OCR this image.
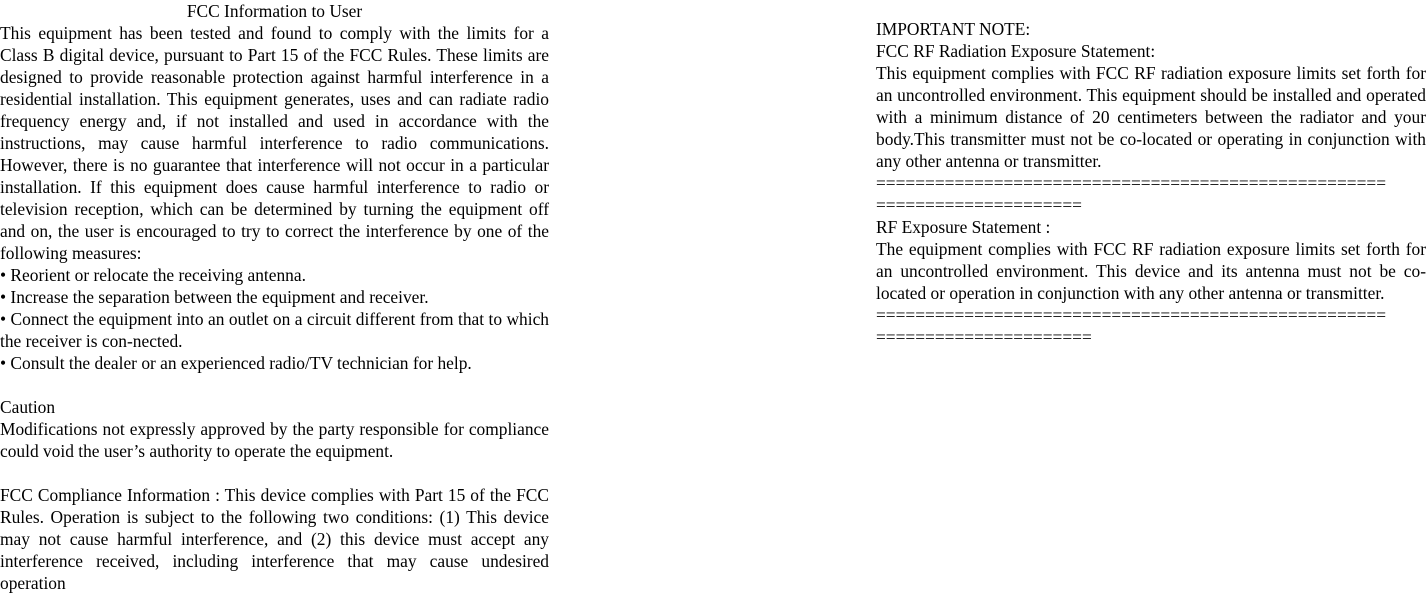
FCC Information to User

This equipment has been tested and found to comply with the limits for a Class B digital device, pursuant to Part 15 of the FCC Rules. These limits are designed to provide reasonable protection against harmful interference in a residential installation. This equipment generates, uses and can radiate radio frequency energy and, if not installed and used in accordance with the instructions, may cause harmful interference to radio communications. However, there is no guarantee that interference will not occur in a particular installation. If this equipment does cause harmful interference to radio or television reception, which can be determined by turning the equipment off and on, the user is encouraged to try to correct the interference by one of the following measures:

• Reorient or relocate the receiving antenna.

• Increase the separation between the equipment and receiver.

• Connect the equipment into an outlet on a circuit different from that to which the receiver is con-nected.

• Consult the dealer or an experienced radio/TV technician for help.

Caution

Modifications not expressly approved by the party responsible for compliance could void the user’s authority to operate the equipment.

FCC Compliance Information : This device complies with Part 15 of the FCC Rules. Operation is subject to the following two conditions: (1) This device may not cause harmful interference, and (2) this device must accept any interference received, including interference that may cause undesired operation

IMPORTANT NOTE:

FCC RF Radiation Exposure Statement:

This equipment complies with FCC RF radiation exposure limits set forth for an uncontrolled environment. This equipment should be installed and operated with a minimum distance of 20 centimeters between the radiator and your body.This transmitter must not be co-located or operating in conjunction with any other antenna or transmitter.

====================================================

=====================

RF Exposure Statement :

The equipment complies with FCC RF radiation exposure limits set forth for an uncontrolled environment. This device and its antenna must not be co-located or operation in conjunction with any other antenna or transmitter.

====================================================

======================
